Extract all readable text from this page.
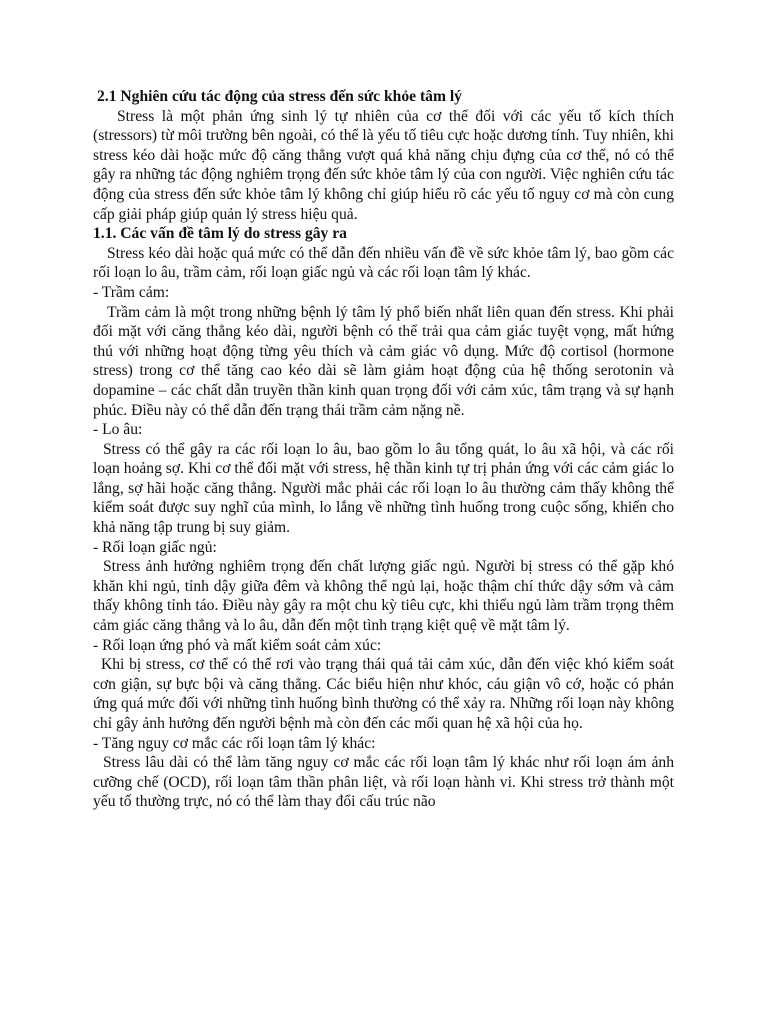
2.1 Nghiên cứu tác động của stress đến sức khỏe tâm lý

Stress là một phản ứng sinh lý tự nhiên của cơ thể đối với các yếu tố kích thích (stressors) từ môi trường bên ngoài, có thể là yếu tố tiêu cực hoặc dương tính. Tuy nhiên, khi stress kéo dài hoặc mức độ căng thẳng vượt quá khả năng chịu đựng của cơ thể, nó có thể gây ra những tác động nghiêm trọng đến sức khỏe tâm lý của con người. Việc nghiên cứu tác động của stress đến sức khỏe tâm lý không chỉ giúp hiểu rõ các yếu tố nguy cơ mà còn cung cấp giải pháp giúp quản lý stress hiệu quả.

1.1. Các vấn đề tâm lý do stress gây ra

Stress kéo dài hoặc quá mức có thể dẫn đến nhiều vấn đề về sức khỏe tâm lý, bao gồm các rối loạn lo âu, trầm cảm, rối loạn giấc ngủ và các rối loạn tâm lý khác.

- Trầm cảm:

Trầm cảm là một trong những bệnh lý tâm lý phổ biến nhất liên quan đến stress. Khi phải đối mặt với căng thẳng kéo dài, người bệnh có thể trải qua cảm giác tuyệt vọng, mất hứng thú với những hoạt động từng yêu thích và cảm giác vô dụng. Mức độ cortisol (hormone stress) trong cơ thể tăng cao kéo dài sẽ làm giảm hoạt động của hệ thống serotonin và dopamine – các chất dẫn truyền thần kinh quan trọng đối với cảm xúc, tâm trạng và sự hạnh phúc. Điều này có thể dẫn đến trạng thái trầm cảm nặng nề.

- Lo âu:

Stress có thể gây ra các rối loạn lo âu, bao gồm lo âu tổng quát, lo âu xã hội, và các rối loạn hoảng sợ. Khi cơ thể đối mặt với stress, hệ thần kinh tự trị phản ứng với các cảm giác lo lắng, sợ hãi hoặc căng thẳng. Người mắc phải các rối loạn lo âu thường cảm thấy không thể kiểm soát được suy nghĩ của mình, lo lắng về những tình huống trong cuộc sống, khiến cho khả năng tập trung bị suy giảm.

- Rối loạn giấc ngủ:

Stress ảnh hưởng nghiêm trọng đến chất lượng giấc ngủ. Người bị stress có thể gặp khó khăn khi ngủ, tỉnh dậy giữa đêm và không thể ngủ lại, hoặc thậm chí thức dậy sớm và cảm thấy không tỉnh táo. Điều này gây ra một chu kỳ tiêu cực, khi thiếu ngủ làm trầm trọng thêm cảm giác căng thẳng và lo âu, dẫn đến một tình trạng kiệt quệ về mặt tâm lý.

- Rối loạn ứng phó và mất kiểm soát cảm xúc:

Khi bị stress, cơ thể có thể rơi vào trạng thái quá tải cảm xúc, dẫn đến việc khó kiểm soát cơn giận, sự bực bội và căng thẳng. Các biểu hiện như khóc, cáu giận vô cớ, hoặc có phản ứng quá mức đối với những tình huống bình thường có thể xảy ra. Những rối loạn này không chỉ gây ảnh hưởng đến người bệnh mà còn đến các mối quan hệ xã hội của họ.

- Tăng nguy cơ mắc các rối loạn tâm lý khác:

Stress lâu dài có thể làm tăng nguy cơ mắc các rối loạn tâm lý khác như rối loạn ám ảnh cưỡng chế (OCD), rối loạn tâm thần phân liệt, và rối loạn hành vi. Khi stress trở thành một yếu tố thường trực, nó có thể làm thay đổi cấu trúc não
